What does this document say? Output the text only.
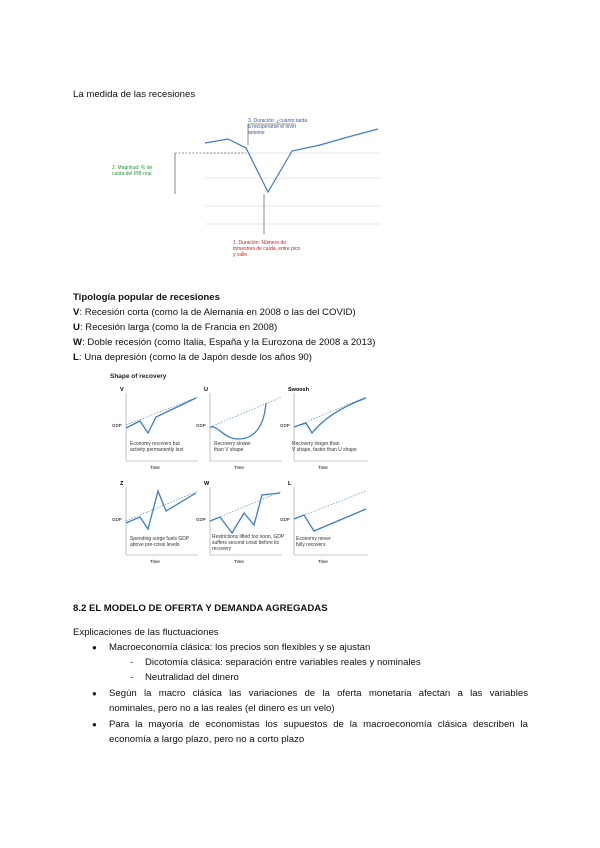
La medida de las recesiones
3. Duración: ¿cuánto tarda
a recuperarse el nivel
anterior
2. Magnitud: % de
caída del PIB real
1. Duración: Número de
trimestres de caída, entre pico
y valle
Tipología popular de recesiones
V: Recesión corta (como la de Alemania en 2008 o las del COVID)
U: Recesión larga (como la de Francia en 2008)
W: Doble recesión (como Italia, España y la Eurozona de 2008 a 2013)
L: Una depresión (como la de Japón desde los años 90)
Shape of recovery
V
GDP
Time
Economy recovers but
activity permanently lost
U
GDP
Time
Recovery slower
than V shape
Swoosh
GDP
Time
Recovery longer than
V shape, faster than U shape
Z
GDP
Time
Spending surge fuels GDP
above pre-crisis levels
W
GDP
Time
Restrictions lifted too soon, GDP
suffers second crisis before its
recovery
L
GDP
Time
Economy never
fully recovers
8.2 EL MODELO DE OFERTA Y DEMANDA AGREGADAS
Explicaciones de las fluctuaciones
● Macroeconomía clásica: los precios son flexibles y se ajustan
- Dicotomía clásica: separación entre variables reales y nominales
- Neutralidad del dinero
● Según la macro clásica las variaciones de la oferta monetaria afectan a las variables
nominales, pero no a las reales (el dinero es un velo)
● Para la mayoría de economistas los supuestos de la macroeconomía clásica describen la
economía a largo plazo, pero no a corto plazo
